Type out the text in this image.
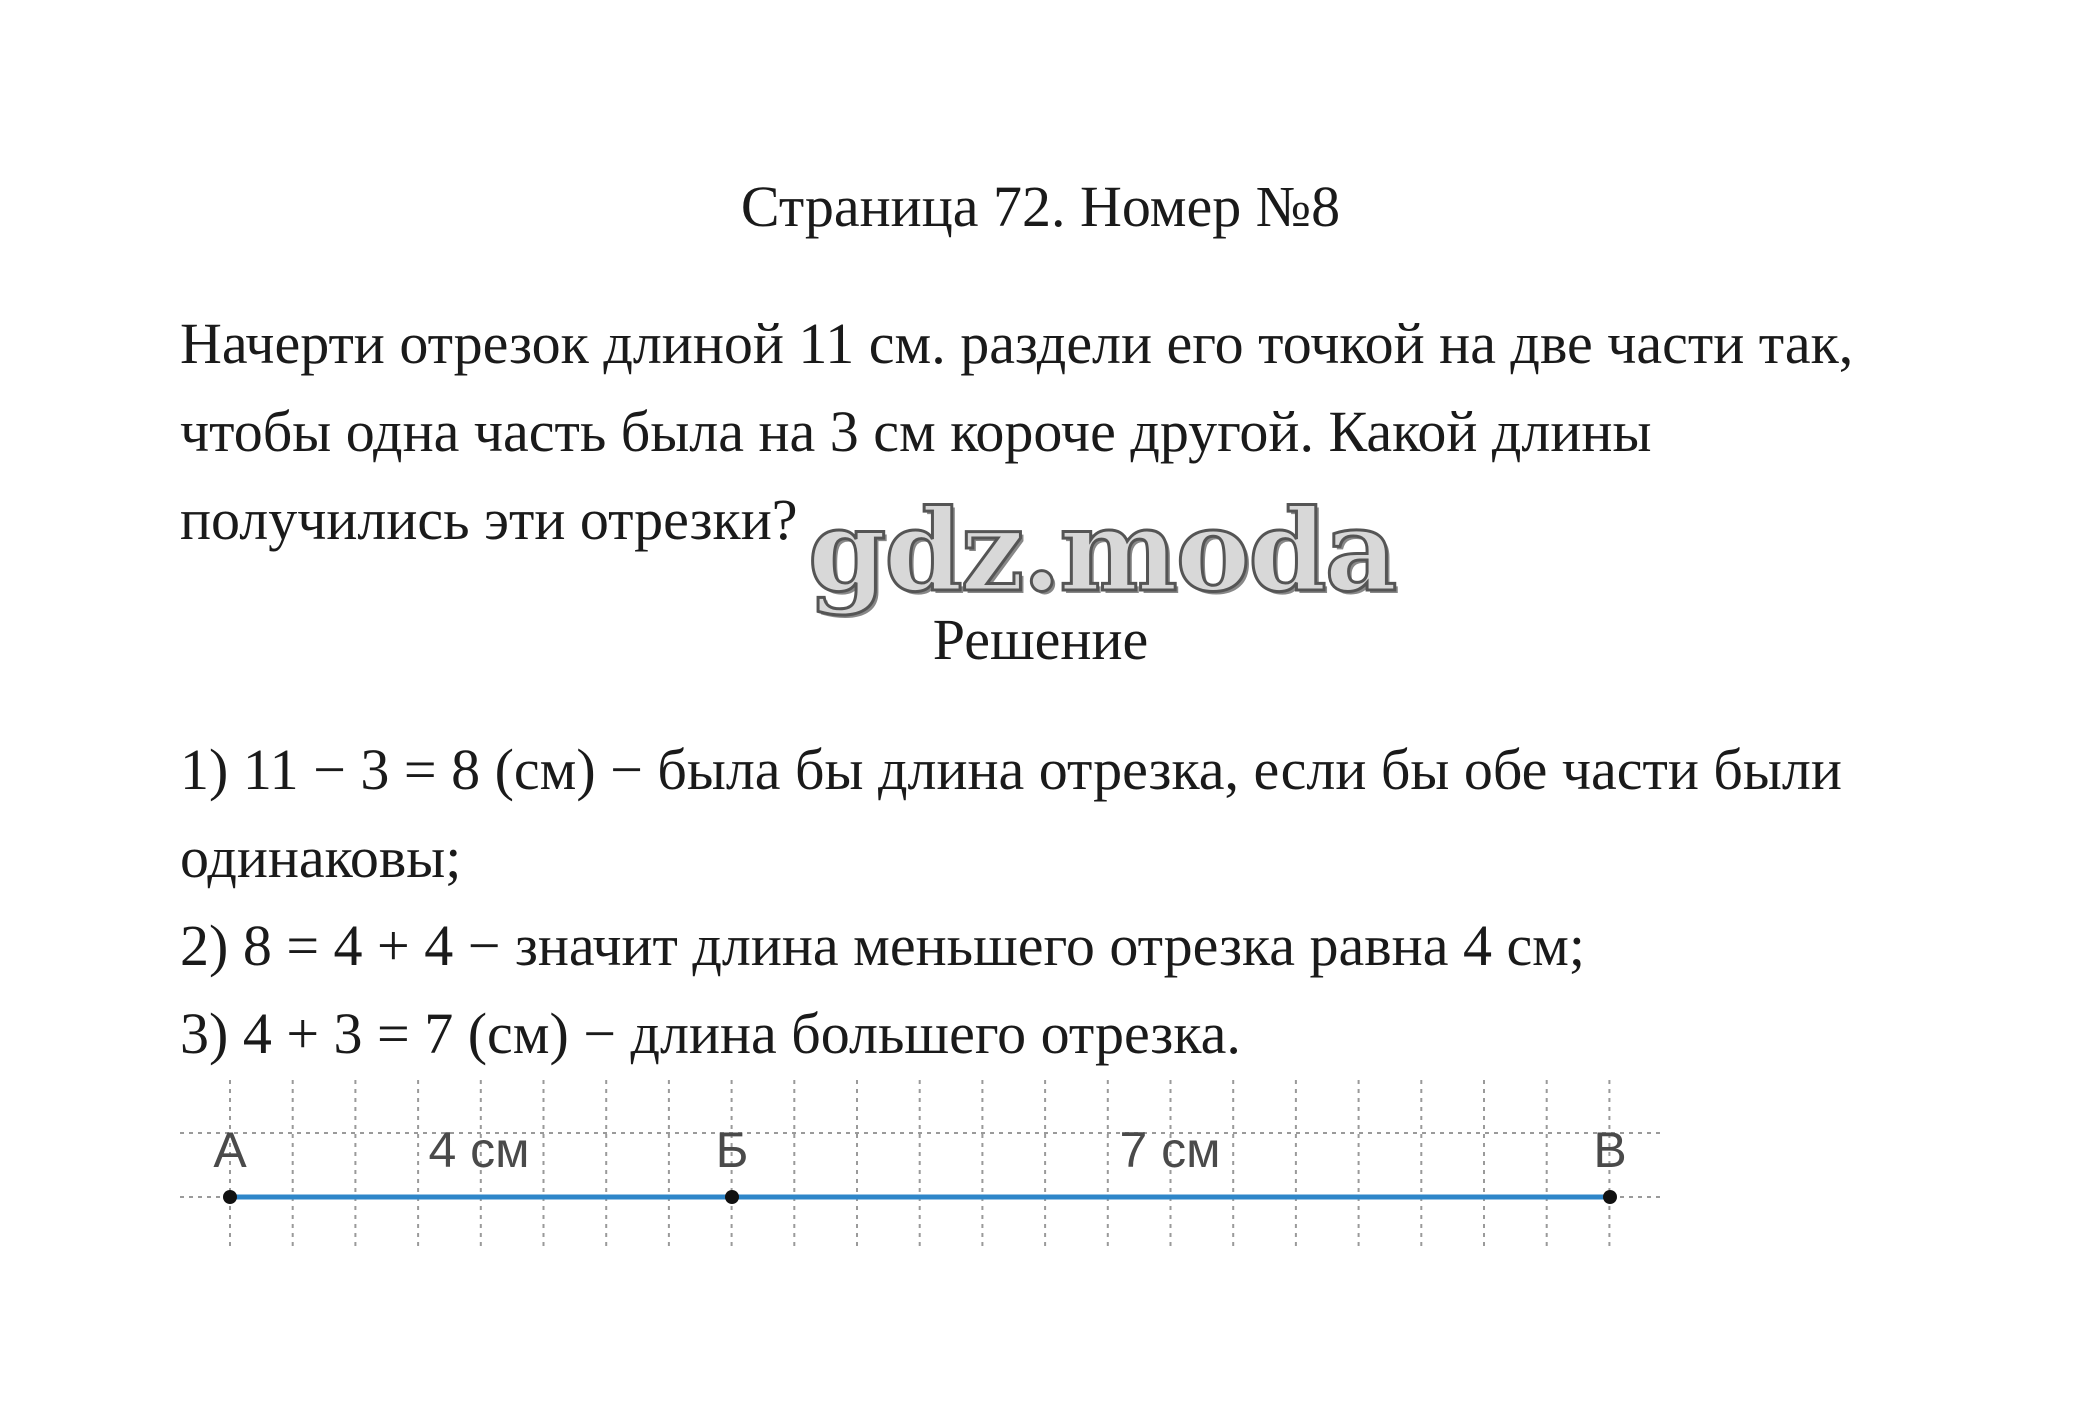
Страница 72. Номер №8
Начерти отрезок длиной 11 см. раздели его точкой на две части так,
чтобы одна часть была на 3 см короче другой. Какой длины
получились эти отрезки? gdz.moda
Решение
1) 11 − 3 = 8 (см) − была бы длина отрезка, если бы обе части были
одинаковы;
2) 8 = 4 + 4 − значит длина меньшего отрезка равна 4 см;
3) 4 + 3 = 7 (см) − длина большего отрезка.
А	Б	В
4 см	7 см
